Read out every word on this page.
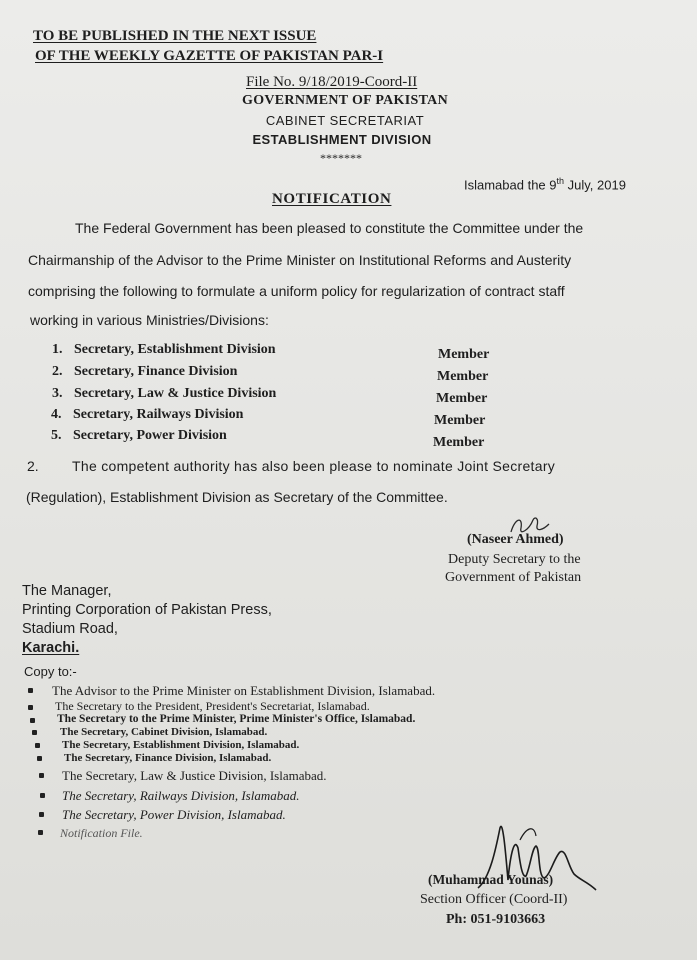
TO BE PUBLISHED IN THE NEXT ISSUE
OF THE WEEKLY GAZETTE OF PAKISTAN PAR-I
File No. 9/18/2019-Coord-II
GOVERNMENT OF PAKISTAN
CABINET SECRETARIAT
ESTABLISHMENT DIVISION
*******
Islamabad the 9th July, 2019
NOTIFICATION
The Federal Government has been pleased to constitute the Committee under the
Chairmanship of the Advisor to the Prime Minister on Institutional Reforms and Austerity
comprising the following to formulate a uniform policy for regularization of contract staff
working in various Ministries/Divisions:
1. Secretary, Establishment Division	Member
2. Secretary, Finance Division	Member
3. Secretary, Law & Justice Division	Member
4. Secretary, Railways Division	Member
5. Secretary, Power Division	Member
2. The competent authority has also been please to nominate Joint Secretary
(Regulation), Establishment Division as Secretary of the Committee.
(Naseer Ahmed)
Deputy Secretary to the
Government of Pakistan
The Manager,
Printing Corporation of Pakistan Press,
Stadium Road,
Karachi.
Copy to:-
The Advisor to the Prime Minister on Establishment Division, Islamabad.
The Secretary to the President, President's Secretariat, Islamabad.
The Secretary to the Prime Minister, Prime Minister's Office, Islamabad.
The Secretary, Cabinet Division, Islamabad.
The Secretary, Establishment Division, Islamabad.
The Secretary, Finance Division, Islamabad.
The Secretary, Law & Justice Division, Islamabad.
The Secretary, Railways Division, Islamabad.
The Secretary, Power Division, Islamabad.
Notification File.
(Muhammad Younas)
Section Officer (Coord-II)
Ph: 051-9103663
